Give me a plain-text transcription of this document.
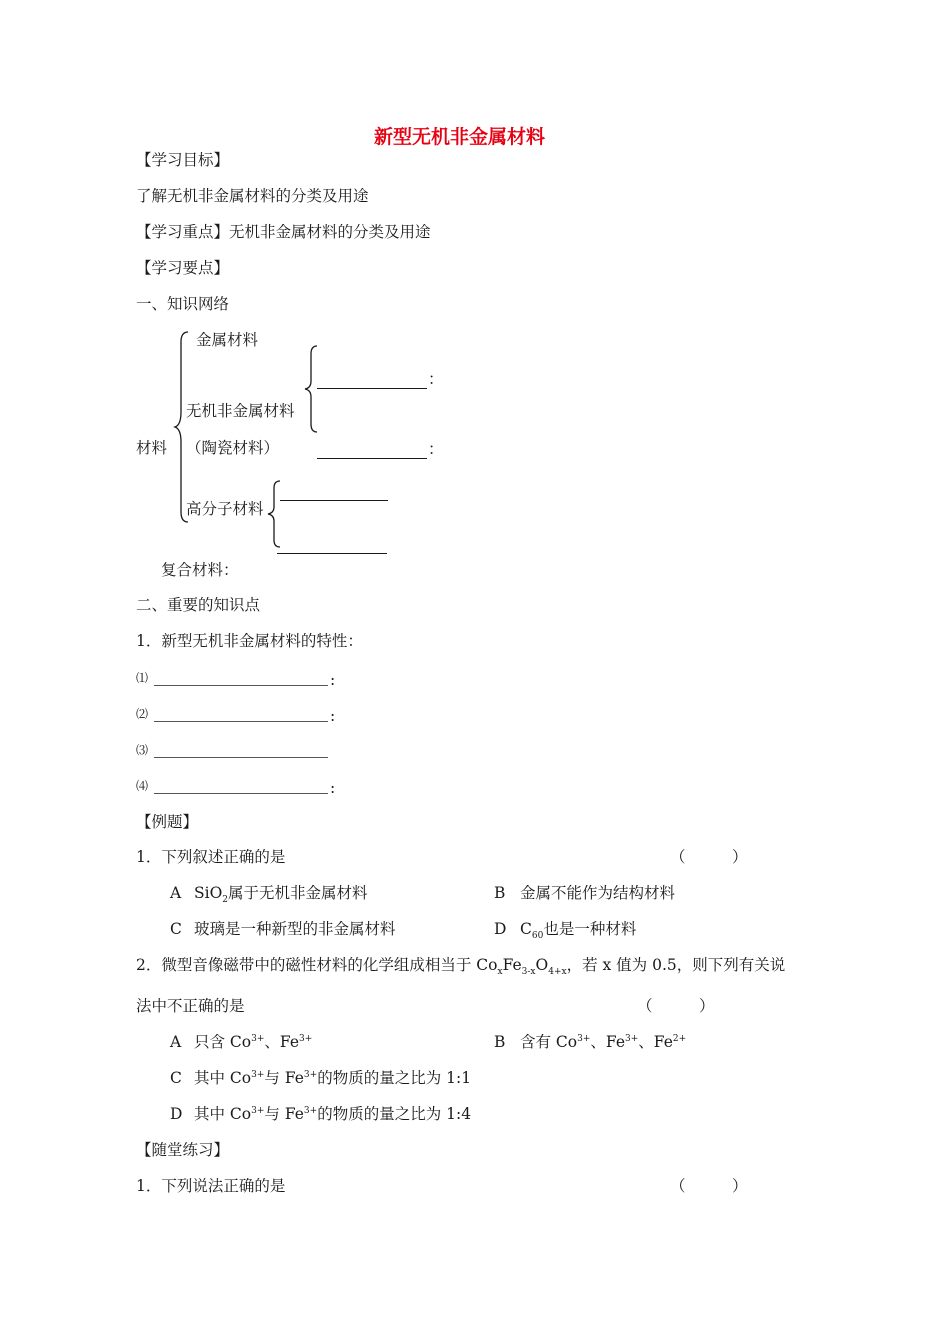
新型无机非金属材料
【学习目标】
了解无机非金属材料的分类及用途
【学习重点】无机非金属材料的分类及用途
【学习要点】
一、知识网络
金属材料
无机非金属材料
材料 （陶瓷材料）
高分子材料
复合材料：
：
：
二、重要的知识点
1．新型无机非金属材料的特性：
⑴	:
⑵	:
⑶
⑷	:
【例题】
1．下列叙述正确的是	（　　　）
A SiO$_2$属于无机非金属材料	B 金属不能作为结构材料
C 玻璃是一种新型的非金属材料	D $C_{60}$也是一种材料
2．微型音像磁带中的磁性材料的化学组成相当于 $Co_xFe_{3-x}O_{4+x}$，若 x 值为 0.5，则下列有关说
法中不正确的是	（　　　）
A 只含 $Co^{3+}$、$Fe^{3+}$	B 含有 $Co^{3+}$、$Fe^{3+}$、$Fe^{2+}$
C 其中 $Co^{3+}$与 $Fe^{3+}$的物质的量之比为 1:1
D 其中 $Co^{3+}$与 $Fe^{3+}$的物质的量之比为 1:4
【随堂练习】
1．下列说法正确的是	（　　　）
